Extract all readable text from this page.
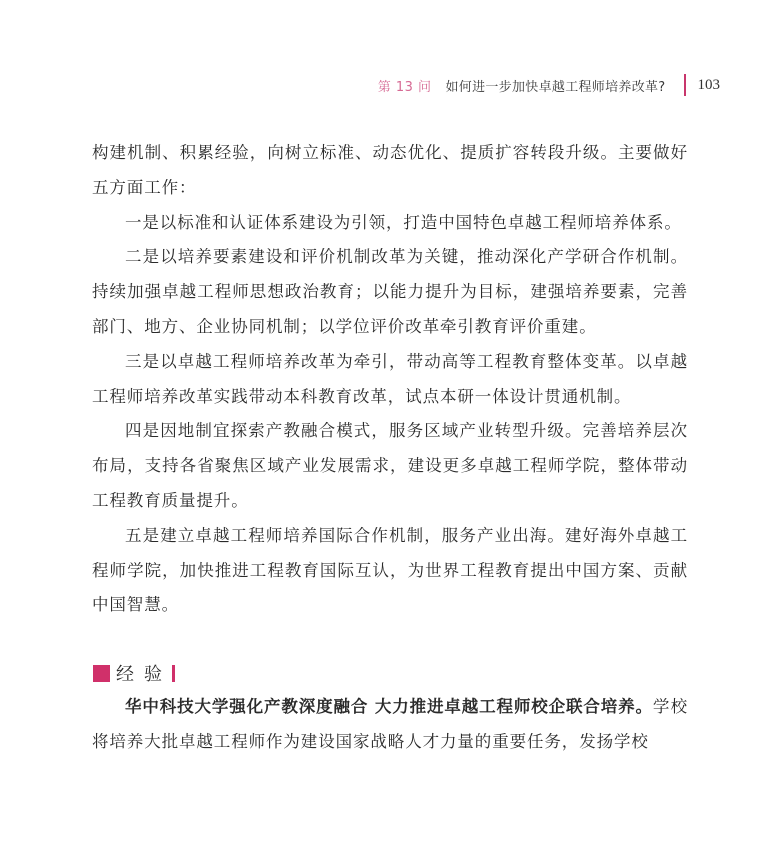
第 13 问 如何进一步加快卓越工程师培养改革? 103

构建机制、积累经验，向树立标准、动态优化、提质扩容转段升级。主要做好五方面工作：

一是以标准和认证体系建设为引领，打造中国特色卓越工程师培养体系。

二是以培养要素建设和评价机制改革为关键，推动深化产学研合作机制。持续加强卓越工程师思想政治教育；以能力提升为目标，建强培养要素，完善部门、地方、企业协同机制；以学位评价改革牵引教育评价重建。

三是以卓越工程师培养改革为牵引，带动高等工程教育整体变革。以卓越工程师培养改革实践带动本科教育改革，试点本研一体设计贯通机制。

四是因地制宜探索产教融合模式，服务区域产业转型升级。完善培养层次布局，支持各省聚焦区域产业发展需求，建设更多卓越工程师学院，整体带动工程教育质量提升。

五是建立卓越工程师培养国际合作机制，服务产业出海。建好海外卓越工程师学院，加快推进工程教育国际互认，为世界工程教育提出中国方案、贡献中国智慧。

经验

华中科技大学强化产教深度融合 大力推进卓越工程师校企联合培养。学校将培养大批卓越工程师作为建设国家战略人才力量的重要任务，发扬学校
